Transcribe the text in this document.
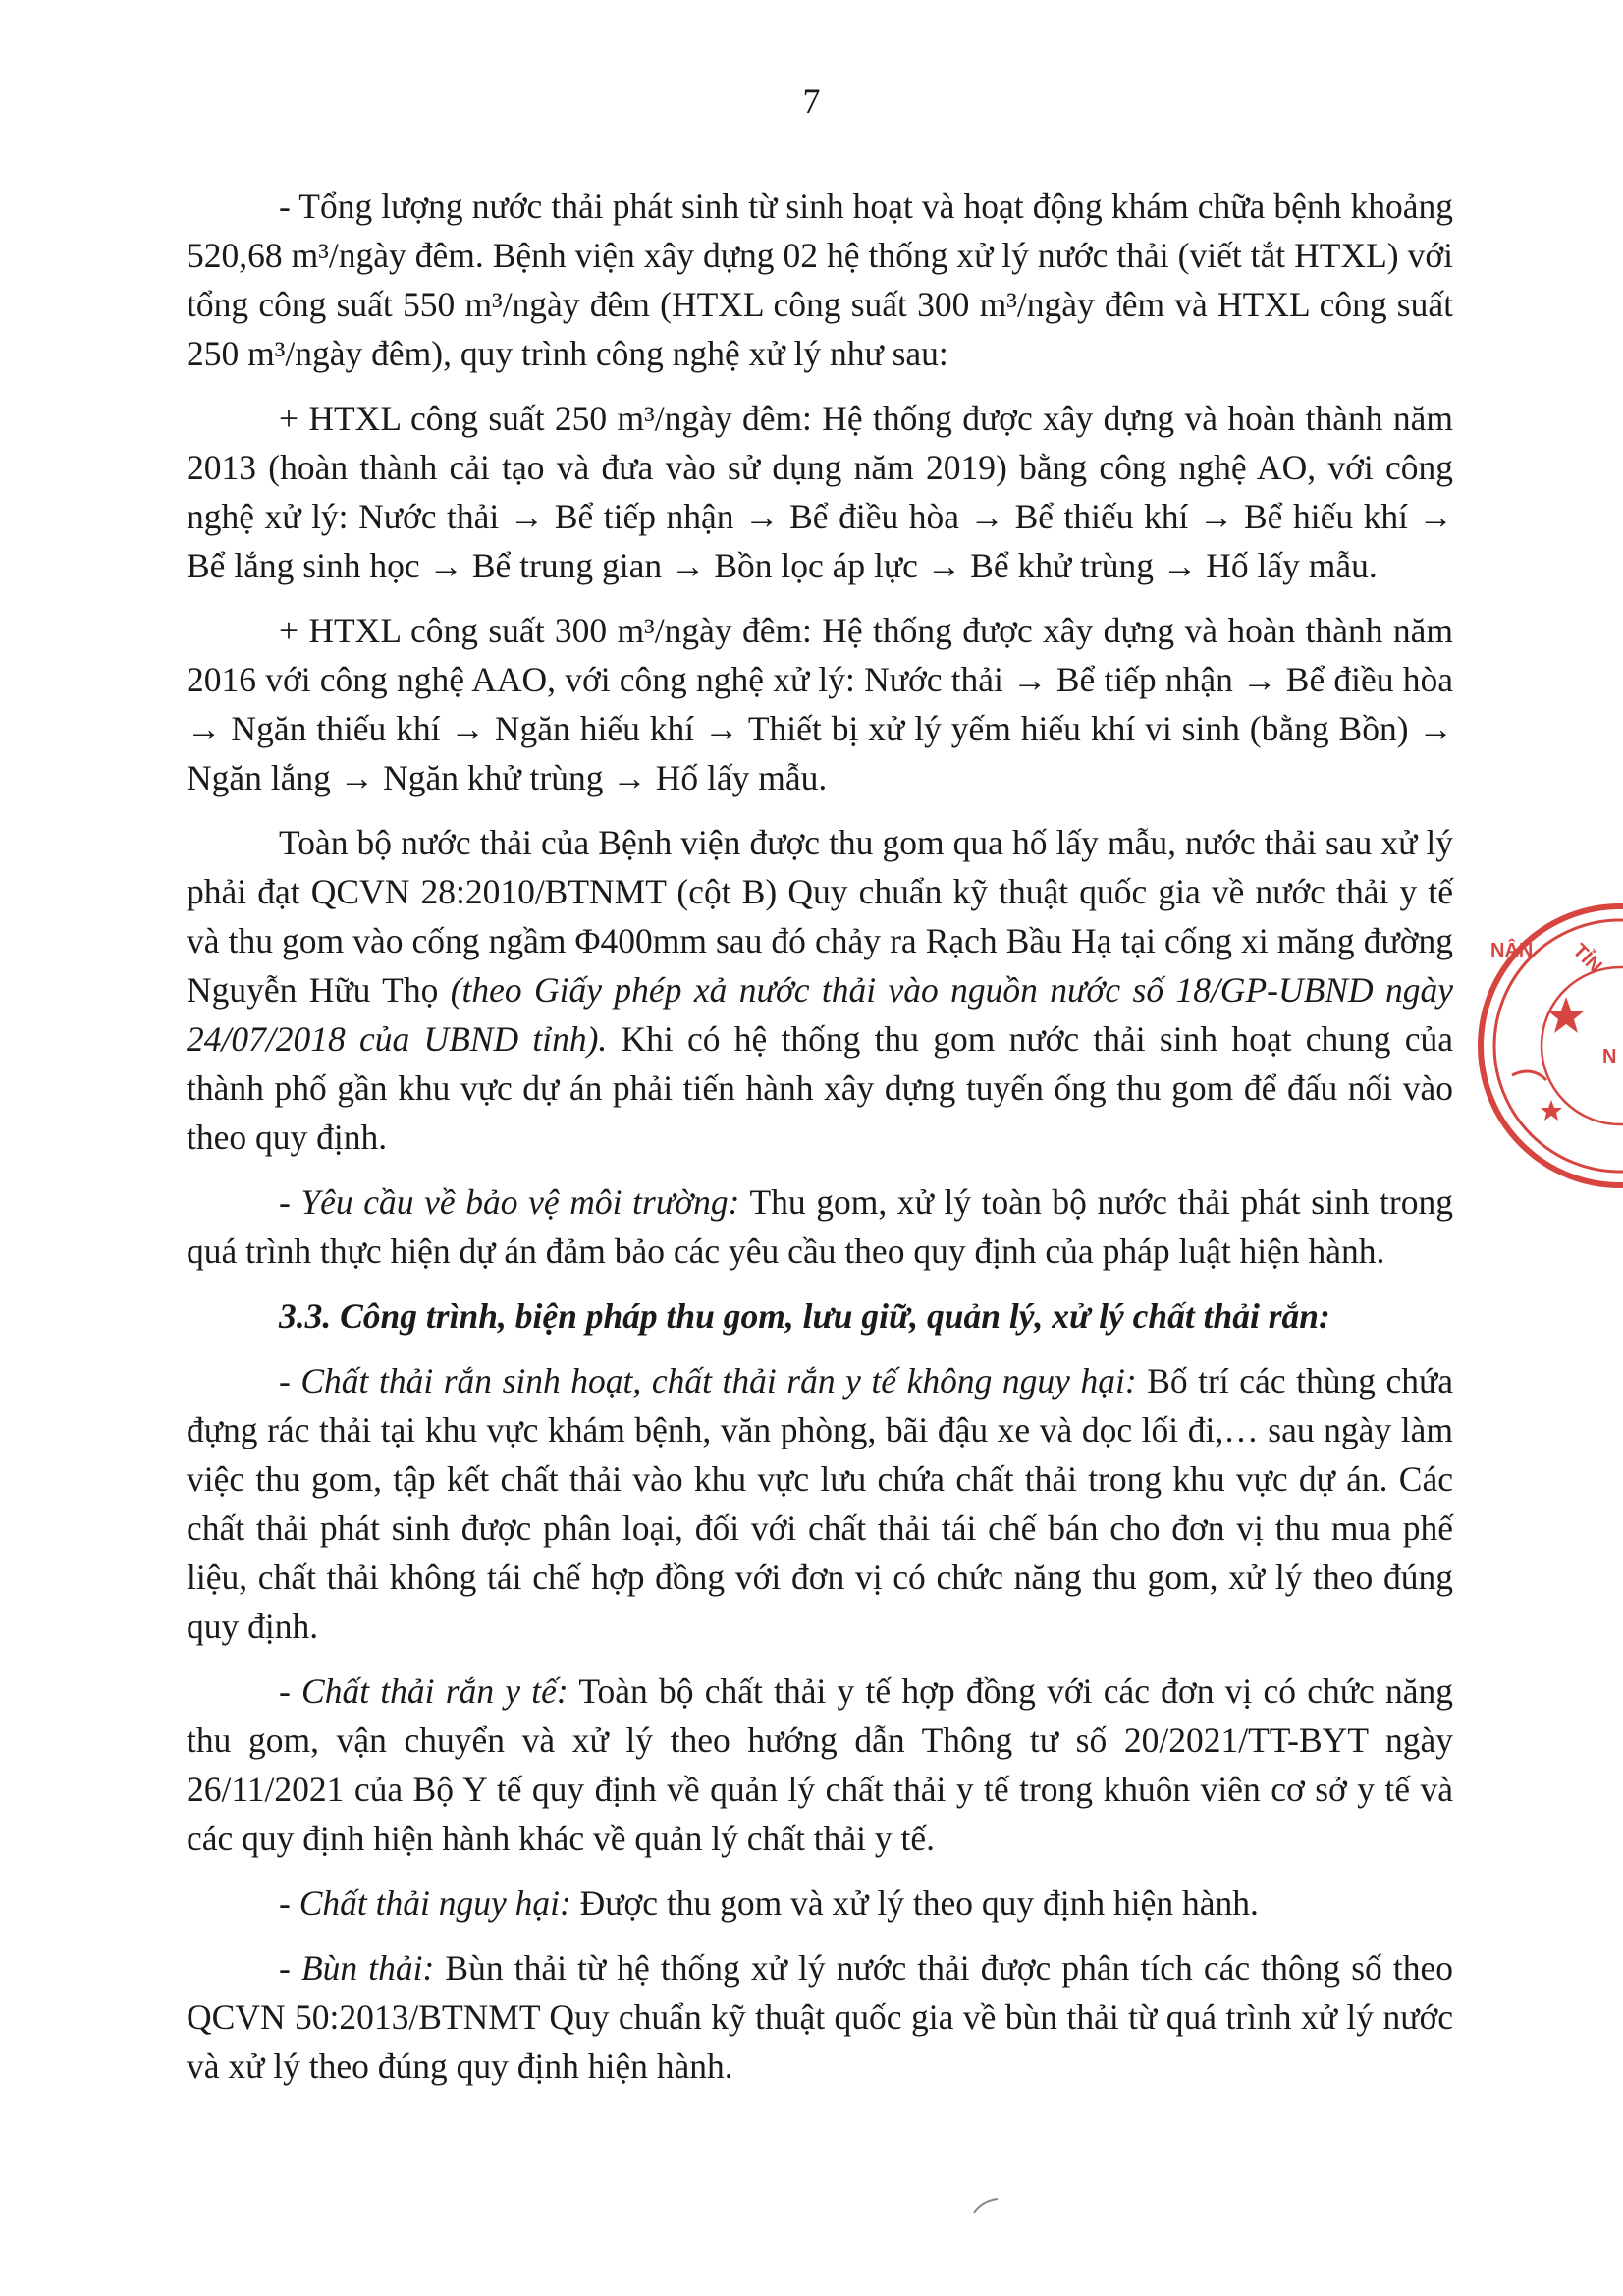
7

- Tổng lượng nước thải phát sinh từ sinh hoạt và hoạt động khám chữa bệnh khoảng 520,68 m³/ngày đêm. Bệnh viện xây dựng 02 hệ thống xử lý nước thải (viết tắt HTXL) với tổng công suất 550 m³/ngày đêm (HTXL công suất 300 m³/ngày đêm và HTXL công suất 250 m³/ngày đêm), quy trình công nghệ xử lý như sau:

+ HTXL công suất 250 m³/ngày đêm: Hệ thống được xây dựng và hoàn thành năm 2013 (hoàn thành cải tạo và đưa vào sử dụng năm 2019) bằng công nghệ AO, với công nghệ xử lý: Nước thải → Bể tiếp nhận → Bể điều hòa → Bể thiếu khí → Bể hiếu khí → Bể lắng sinh học → Bể trung gian → Bồn lọc áp lực → Bể khử trùng → Hố lấy mẫu.

+ HTXL công suất 300 m³/ngày đêm: Hệ thống được xây dựng và hoàn thành năm 2016 với công nghệ AAO, với công nghệ xử lý: Nước thải → Bể tiếp nhận → Bể điều hòa → Ngăn thiếu khí → Ngăn hiếu khí → Thiết bị xử lý yếm hiếu khí vi sinh (bằng Bồn) → Ngăn lắng → Ngăn khử trùng → Hố lấy mẫu.

Toàn bộ nước thải của Bệnh viện được thu gom qua hố lấy mẫu, nước thải sau xử lý phải đạt QCVN 28:2010/BTNMT (cột B) Quy chuẩn kỹ thuật quốc gia về nước thải y tế và thu gom vào cống ngầm Φ400mm sau đó chảy ra Rạch Bầu Hạ tại cống xi măng đường Nguyễn Hữu Thọ (theo Giấy phép xả nước thải vào nguồn nước số 18/GP-UBND ngày 24/07/2018 của UBND tỉnh). Khi có hệ thống thu gom nước thải sinh hoạt chung của thành phố gần khu vực dự án phải tiến hành xây dựng tuyến ống thu gom để đấu nối vào theo quy định.

- Yêu cầu về bảo vệ môi trường: Thu gom, xử lý toàn bộ nước thải phát sinh trong quá trình thực hiện dự án đảm bảo các yêu cầu theo quy định của pháp luật hiện hành.

3.3. Công trình, biện pháp thu gom, lưu giữ, quản lý, xử lý chất thải rắn:

- Chất thải rắn sinh hoạt, chất thải rắn y tế không nguy hại: Bố trí các thùng chứa đựng rác thải tại khu vực khám bệnh, văn phòng, bãi đậu xe và dọc lối đi,… sau ngày làm việc thu gom, tập kết chất thải vào khu vực lưu chứa chất thải trong khu vực dự án. Các chất thải phát sinh được phân loại, đối với chất thải tái chế bán cho đơn vị thu mua phế liệu, chất thải không tái chế hợp đồng với đơn vị có chức năng thu gom, xử lý theo đúng quy định.

- Chất thải rắn y tế: Toàn bộ chất thải y tế hợp đồng với các đơn vị có chức năng thu gom, vận chuyển và xử lý theo hướng dẫn Thông tư số 20/2021/TT-BYT ngày 26/11/2021 của Bộ Y tế quy định về quản lý chất thải y tế trong khuôn viên cơ sở y tế và các quy định hiện hành khác về quản lý chất thải y tế.

- Chất thải nguy hại: Được thu gom và xử lý theo quy định hiện hành.

- Bùn thải: Bùn thải từ hệ thống xử lý nước thải được phân tích các thông số theo QCVN 50:2013/BTNMT Quy chuẩn kỹ thuật quốc gia về bùn thải từ quá trình xử lý nước và xử lý theo đúng quy định hiện hành.

NÂN TỈN
N
